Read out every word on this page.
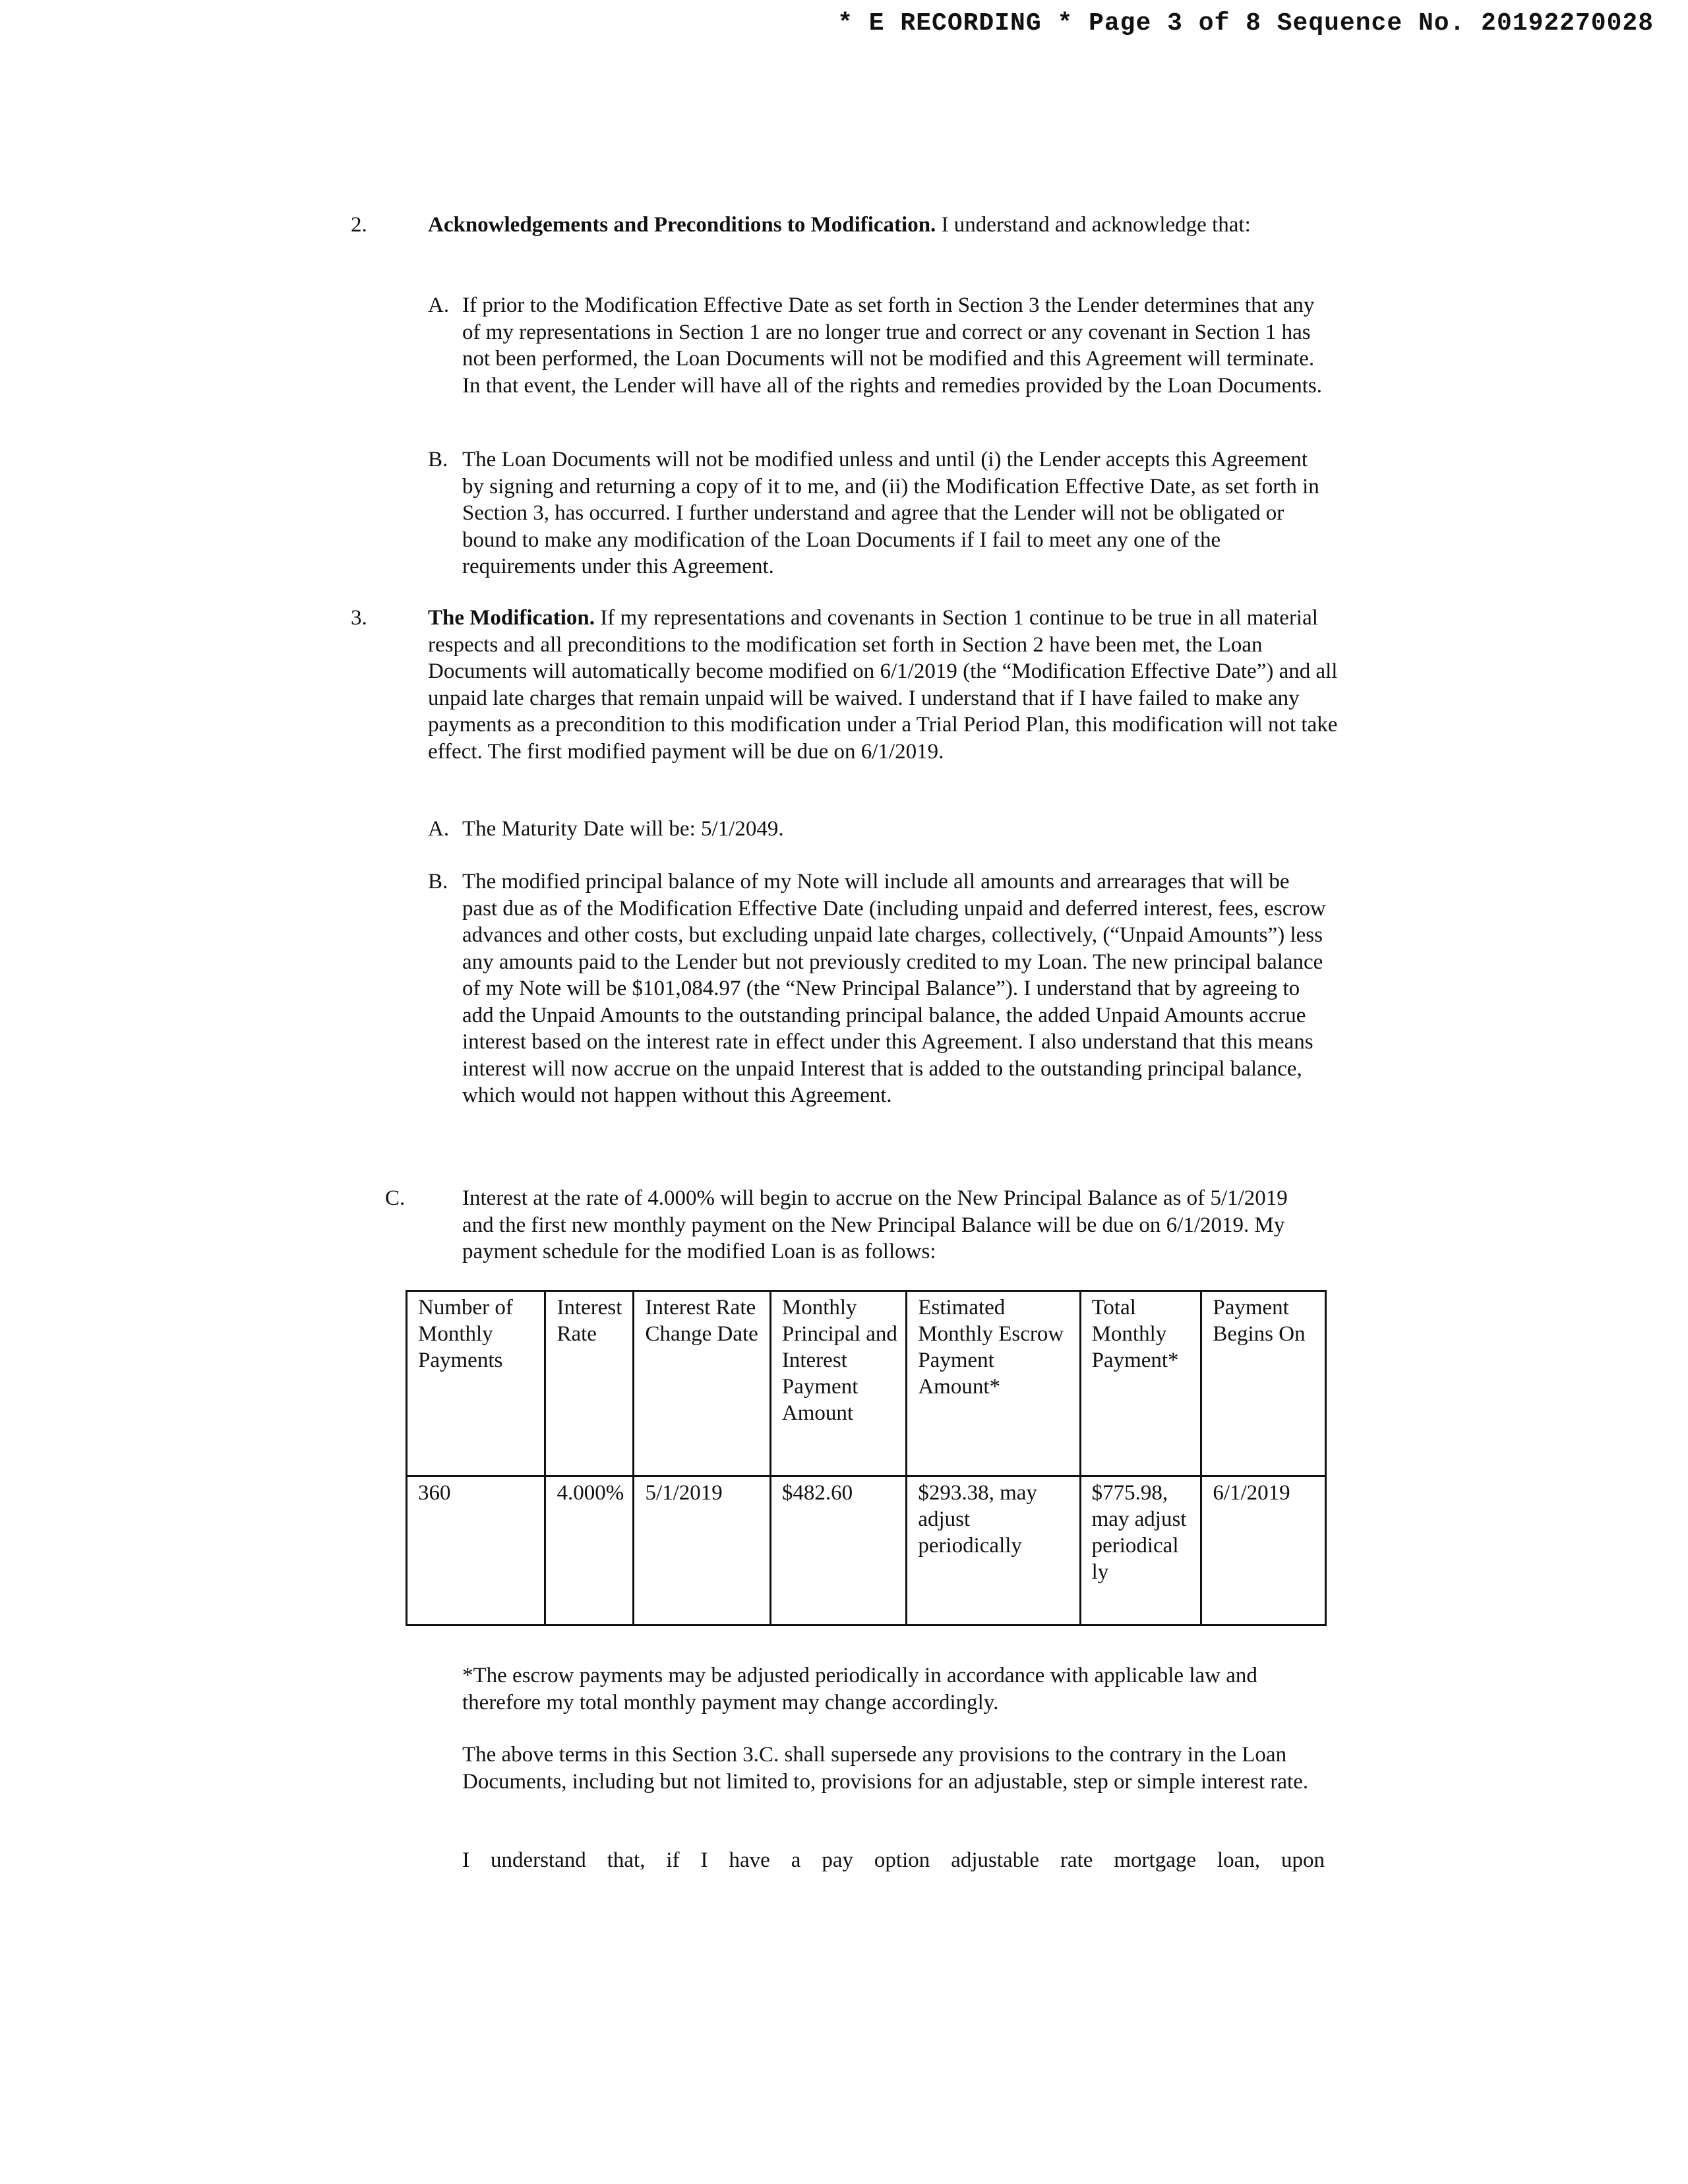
* E RECORDING * Page 3 of 8 Sequence No. 20192270028
2.	Acknowledgements and Preconditions to Modification. I understand and acknowledge that:
A. If prior to the Modification Effective Date as set forth in Section 3 the Lender determines that any of my representations in Section 1 are no longer true and correct or any covenant in Section 1 has not been performed, the Loan Documents will not be modified and this Agreement will terminate. In that event, the Lender will have all of the rights and remedies provided by the Loan Documents.
B. The Loan Documents will not be modified unless and until (i) the Lender accepts this Agreement by signing and returning a copy of it to me, and (ii) the Modification Effective Date, as set forth in Section 3, has occurred. I further understand and agree that the Lender will not be obligated or bound to make any modification of the Loan Documents if I fail to meet any one of the requirements under this Agreement.
3.	The Modification. If my representations and covenants in Section 1 continue to be true in all material respects and all preconditions to the modification set forth in Section 2 have been met, the Loan Documents will automatically become modified on 6/1/2019 (the “Modification Effective Date”) and all unpaid late charges that remain unpaid will be waived. I understand that if I have failed to make any payments as a precondition to this modification under a Trial Period Plan, this modification will not take effect. The first modified payment will be due on 6/1/2019.
A. The Maturity Date will be: 5/1/2049.
B. The modified principal balance of my Note will include all amounts and arrearages that will be past due as of the Modification Effective Date (including unpaid and deferred interest, fees, escrow advances and other costs, but excluding unpaid late charges, collectively, (“Unpaid Amounts”) less any amounts paid to the Lender but not previously credited to my Loan. The new principal balance of my Note will be $101,084.97 (the “New Principal Balance”). I understand that by agreeing to add the Unpaid Amounts to the outstanding principal balance, the added Unpaid Amounts accrue interest based on the interest rate in effect under this Agreement. I also understand that this means interest will now accrue on the unpaid Interest that is added to the outstanding principal balance, which would not happen without this Agreement.
C.	Interest at the rate of 4.000% will begin to accrue on the New Principal Balance as of 5/1/2019 and the first new monthly payment on the New Principal Balance will be due on 6/1/2019. My payment schedule for the modified Loan is as follows:
Number of Monthly Payments	Interest Rate	Interest Rate Change Date	Monthly Principal and Interest Payment Amount	Estimated Monthly Escrow Payment Amount*	Total Monthly Payment*	Payment Begins On
360	4.000%	5/1/2019	$482.60	$293.38, may adjust periodically	$775.98, may adjust periodical ly	6/1/2019
*The escrow payments may be adjusted periodically in accordance with applicable law and therefore my total monthly payment may change accordingly.
The above terms in this Section 3.C. shall supersede any provisions to the contrary in the Loan Documents, including but not limited to, provisions for an adjustable, step or simple interest rate.
I understand that, if I have a pay option adjustable rate mortgage loan, upon
